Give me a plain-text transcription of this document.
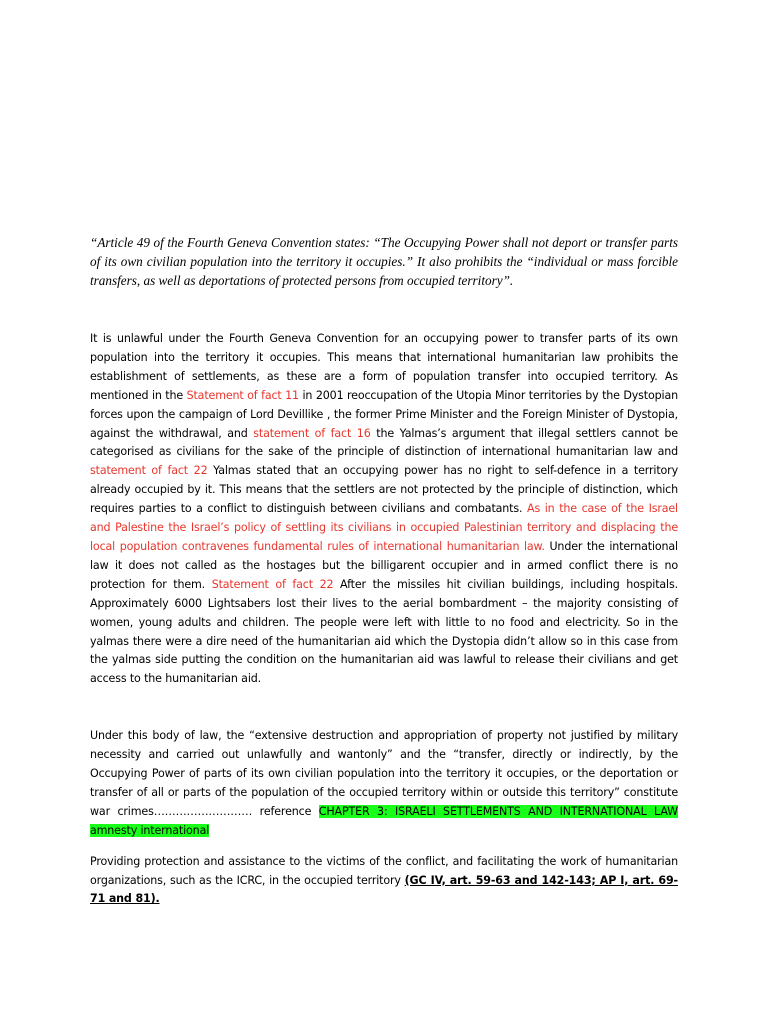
“Article 49 of the Fourth Geneva Convention states: “The Occupying Power shall not deport or transfer parts of its own civilian population into the territory it occupies.” It also prohibits the “individual or mass forcible transfers, as well as deportations of protected persons from occupied territory”.

It is unlawful under the Fourth Geneva Convention for an occupying power to transfer parts of its own population into the territory it occupies. This means that international humanitarian law prohibits the establishment of settlements, as these are a form of population transfer into occupied territory. As mentioned in the Statement of fact 11 in 2001 reoccupation of the Utopia Minor territories by the Dystopian forces upon the campaign of Lord Devillike , the former Prime Minister and the Foreign Minister of Dystopia, against the withdrawal, and statement of fact 16 the Yalmas’s argument that illegal settlers cannot be categorised as civilians for the sake of the principle of distinction of international humanitarian law and statement of fact 22 Yalmas stated that an occupying power has no right to self-defence in a territory already occupied by it. This means that the settlers are not protected by the principle of distinction, which requires parties to a conflict to distinguish between civilians and combatants. As in the case of the Israel and Palestine the Israel’s policy of settling its civilians in occupied Palestinian territory and displacing the local population contravenes fundamental rules of international humanitarian law. Under the international law it does not called as the hostages but the billigarent occupier and in armed conflict there is no protection for them. Statement of fact 22 After the missiles hit civilian buildings, including hospitals. Approximately 6000 Lightsabers lost their lives to the aerial bombardment – the majority consisting of women, young adults and children. The people were left with little to no food and electricity. So in the yalmas there were a dire need of the humanitarian aid which the Dystopia didn’t allow so in this case from the yalmas side putting the condition on the humanitarian aid was lawful to release their civilians and get access to the humanitarian aid.

Under this body of law, the “extensive destruction and appropriation of property not justified by military necessity and carried out unlawfully and wantonly” and the “transfer, directly or indirectly, by the Occupying Power of parts of its own civilian population into the territory it occupies, or the deportation or transfer of all or parts of the population of the occupied territory within or outside this territory” constitute war crimes……………………… reference CHAPTER 3: ISRAELI SETTLEMENTS AND INTERNATIONAL LAW amnesty international

Providing protection and assistance to the victims of the conflict, and facilitating the work of humanitarian organizations, such as the ICRC, in the occupied territory (GC IV, art. 59-63 and 142-143; AP I, art. 69-71 and 81).
